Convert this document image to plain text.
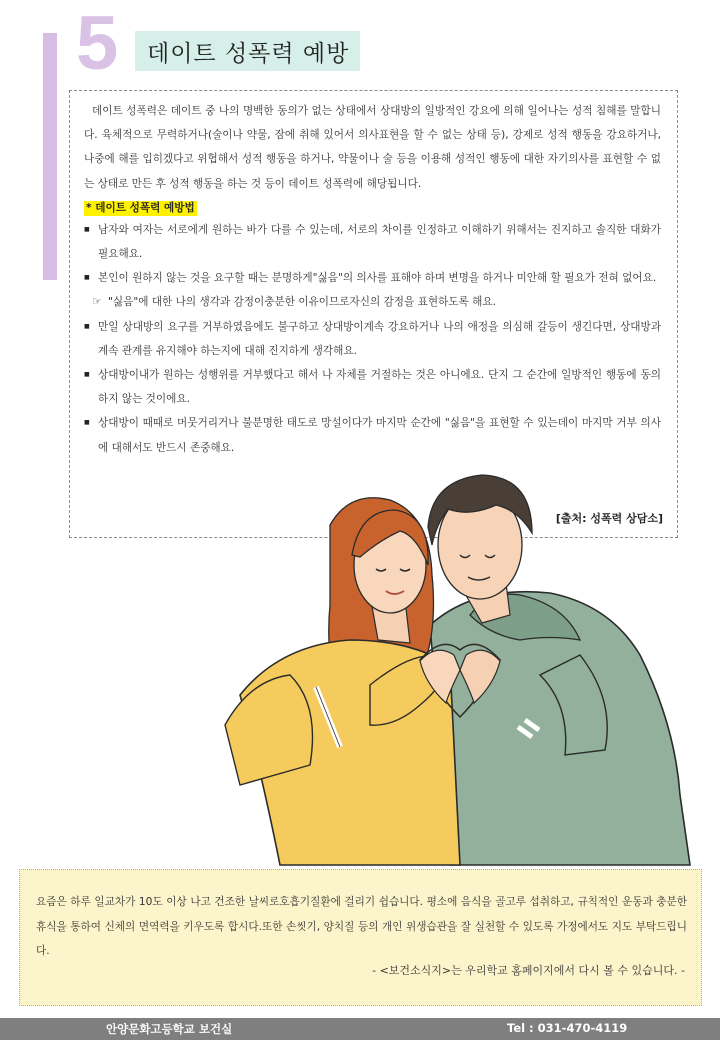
5 데이트 성폭력 예방

데이트 성폭력은 데이트 중 나의 명백한 동의가 없는 상태에서 상대방의 일방적인 강요에 의해 일어나는 성적 침해를 말합니다. 육체적으로 무력하거나(술이나 약물, 잠에 취해 있어서 의사표현을 할 수 없는 상태 등), 강제로 성적 행동을 강요하거나, 나중에 해를 입히겠다고 위협해서 성적 행동을 하거나, 약물이나 술 등을 이용해 성적인 행동에 대한 자기의사를 표현할 수 없는 상태로 만든 후 성적 행동을 하는 것 등이 데이트 성폭력에 해당됩니다.

* 데이트 성폭력 예방법
■ 남자와 여자는 서로에게 원하는 바가 다를 수 있는데, 서로의 차이를 인정하고 이해하기 위해서는 진지하고 솔직한 대화가 필요해요.
■ 본인이 원하지 않는 것을 요구할 때는 분명하게"싫음"의 의사를 표해야 하며 변명을 하거나 미안해 할 필요가 전혀 없어요.
☞ "싫음"에 대한 나의 생각과 감정이충분한 이유이므로자신의 감정을 표현하도록 해요.
■ 만일 상대방의 요구를 거부하였음에도 불구하고 상대방이계속 강요하거나 나의 애정을 의심해 갈등이 생긴다면, 상대방과 계속 관계를 유지해야 하는지에 대해 진지하게 생각해요.
■ 상대방이내가 원하는 성행위를 거부했다고 해서 나 자체를 거절하는 것은 아니에요. 단지 그 순간에 일방적인 행동에 동의하지 않는 것이에요.
■ 상대방이 때때로 머뭇거리거나 불분명한 태도로 망설이다가 마지막 순간에 "싫음"을 표현할 수 있는데이 마지막 거부 의사에 대해서도 반드시 존중해요.
[출처: 성폭력 상담소]

요즘은 하루 일교차가 10도 이상 나고 건조한 날씨로호흡기질환에 걸리기 쉽습니다. 평소에 음식을 골고루 섭취하고, 규칙적인 운동과 충분한 휴식을 통하여 신체의 면역력을 키우도록 합시다.또한 손씻기, 양치질 등의 개인 위생습관을 잘 실천할 수 있도록 가정에서도 지도 부탁드립니다.

- <보건소식지>는 우리학교 홈페이지에서 다시 볼 수 있습니다. -
안양문화고등학교 보건실	Tel : 031-470-4119
